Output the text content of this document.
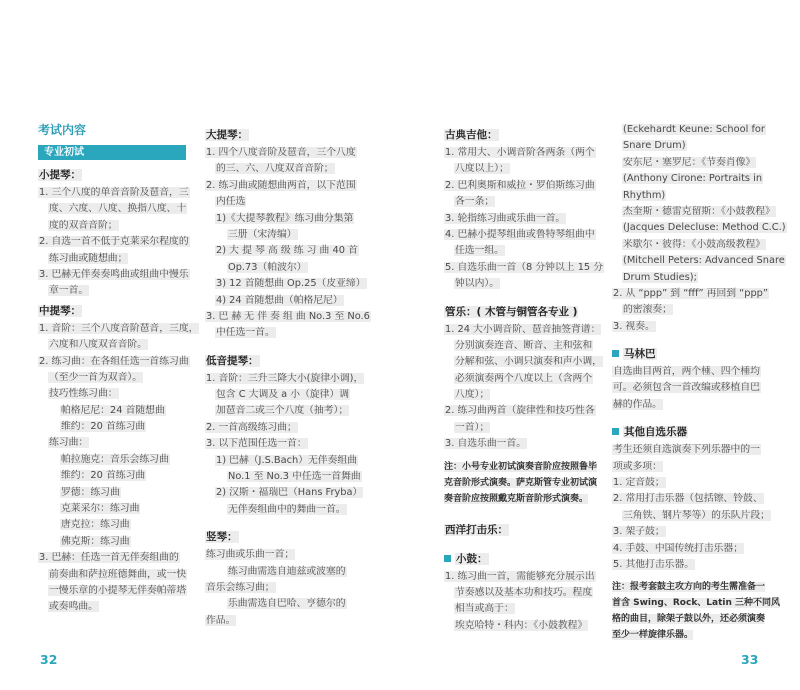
考试内容
专业初试
小提琴：
1. 三个八度的单音音阶及琶音，三
度、六度、八度、换指八度、十
度的双音音阶；
2. 自选一首不低于克莱采尔程度的
练习曲或随想曲；
3. 巴赫无伴奏奏鸣曲或组曲中慢乐
章一首。
中提琴：
1. 音阶：三个八度音阶琶音，三度，
六度和八度双音音阶。
2. 练习曲：在各组任选一首练习曲
（至少一首为双音）。
技巧性练习曲：
帕格尼尼：24 首随想曲
维约：20 首练习曲
练习曲：
帕拉施克：音乐会练习曲
维约：20 首练习曲
罗德：练习曲
克莱采尔：练习曲
唐克拉：练习曲
佛克斯：练习曲
3. 巴赫：任选一首无伴奏组曲的
前奏曲和萨拉班德舞曲，或一快
一慢乐章的小提琴无伴奏帕蒂塔
或奏鸣曲。
大提琴：
1. 四个八度音阶及琶音，三个八度
的三、六、八度双音音阶；
2. 练习曲或随想曲两首，以下范围
内任选
1)《大提琴教程》练习曲分集第
三册（宋涛编）
2) 大 提 琴 高 级 练 习 曲 40 首
Op.73（帕波尔）
3) 12 首随想曲 Op.25（皮亚缔）
4) 24 首随想曲（帕格尼尼）
3. 巴 赫 无 伴 奏 组 曲 No.3 至 No.6
中任选一首。
低音提琴：
1. 音阶：三升三降大小(旋律小调)，
包含 C 大调及 a 小（旋律）调
加琶音二或三个八度（抽考）；
2. 一首高级练习曲；
3. 以下范围任选一首：
1) 巴赫（J.S.Bach）无伴奏组曲
No.1 至 No.3 中任选一首舞曲
2) 汉斯・福瑞巴（Hans Fryba）
无伴奏组曲中的舞曲一首。
竖琴：
练习曲或乐曲一首；
练习曲需选自迪兹或波塞的
音乐会练习曲；
乐曲需选自巴哈、亨德尔的
作品。
古典吉他：
1. 常用大、小调音阶各两条（两个
八度以上）；
2. 巴利奥斯和威拉・罗伯斯练习曲
各一条；
3. 轮指练习曲或乐曲一首。
4. 巴赫小提琴组曲或鲁特琴组曲中
任选一组。
5. 自选乐曲一首（8 分钟以上 15 分
钟以内）。
管乐：( 木管与铜管各专业 )
1. 24 大小调音阶、琶音抽签背谱：
分别演奏连音、断音、主和弦和
分解和弦、小调只演奏和声小调，
必须演奏两个八度以上（含两个
八度）；
2. 练习曲两首（旋律性和技巧性各
一首）；
3. 自选乐曲一首。
注：小号专业初试演奏音阶应按照鲁毕
克音阶形式演奏。萨克斯管专业初试演
奏音阶应按照戴克斯音阶形式演奏。
西洋打击乐：
小鼓：
1. 练习曲一首，需能够充分展示出
节奏感以及基本功和技巧。程度
相当或高于：
埃克哈特・科内：《小鼓教程》
(Eckehardt Keune: School for
Snare Drum)
安东尼・塞罗尼：《节奏肖像》
(Anthony Cirone: Portraits in
Rhythm)
杰奎斯・德雷克留斯：《小鼓教程》
(Jacques Delecluse: Method C.C.)
米歇尔・彼得：《小鼓高级教程》
(Mitchell Peters: Advanced Snare
Drum Studies);
2. 从 “ppp” 到 “fff” 再回到 “ppp”
的密滚奏；
3. 视奏。
马林巴
自选曲目两首，两个棰、四个棰均
可。必须包含一首改编或移植自巴
赫的作品。
其他自选乐器
考生还须自选演奏下列乐器中的一
项或多项：
1. 定音鼓；
2. 常用打击乐器（包括镲、铃鼓、
三角铁、钢片琴等）的乐队片段；
3. 架子鼓；
4. 手鼓、中国传统打击乐器；
5. 其他打击乐器。
注：报考套鼓主攻方向的考生需准备一
首含 Swing、Rock、Latin 三种不同风
格的曲目，除架子鼓以外，还必须演奏
至少一样旋律乐器。
32	33
